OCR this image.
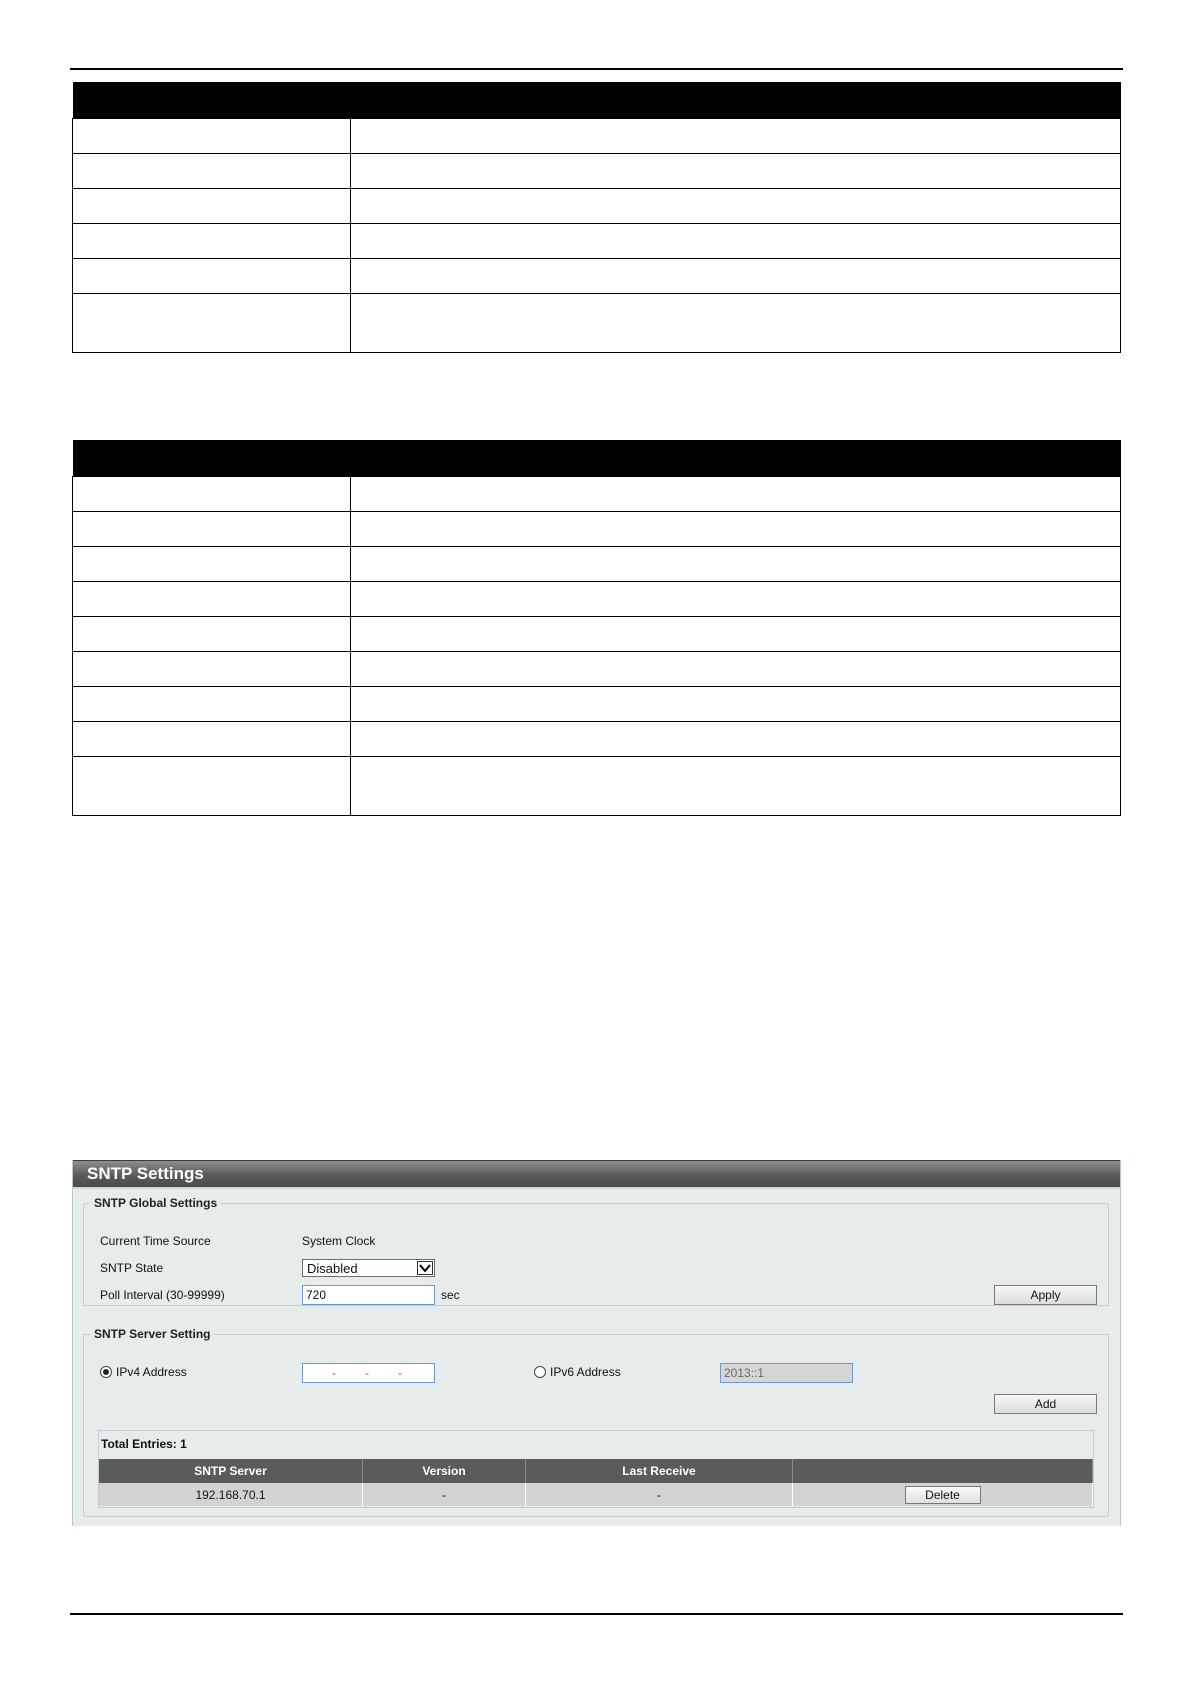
SNTP Settings
SNTP Global Settings
Current Time Source	System Clock
SNTP State	Disabled
Poll Interval (30-99999)	720	sec	Apply
SNTP Server Setting
IPv4 Address	- - -	IPv6 Address	2013::1
Add
Total Entries: 1
SNTP Server	Version	Last Receive	
192.168.70.1	-	-	Delete
